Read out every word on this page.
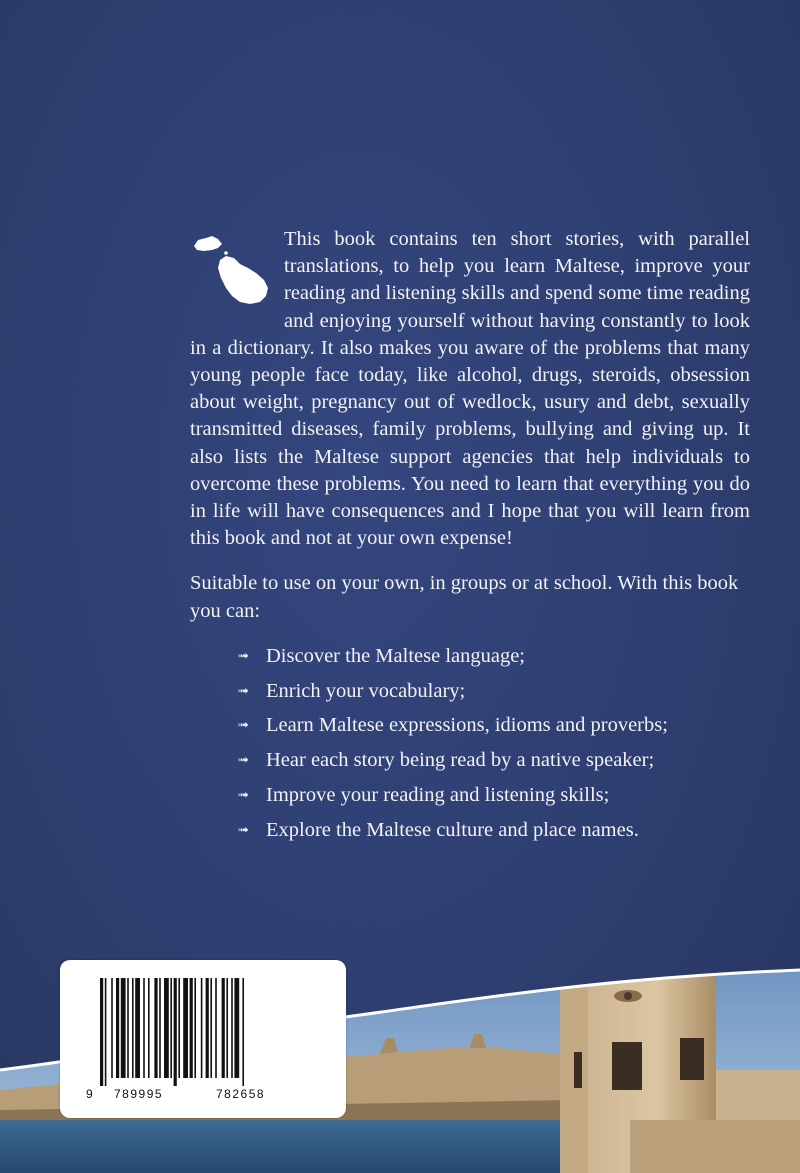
This book contains ten short stories, with parallel translations, to help you learn Maltese, improve your reading and listening skills and spend some time reading and enjoying yourself without having constantly to look in a dictionary. It also makes you aware of the problems that many young people face today, like alcohol, drugs, steroids, obsession about weight, pregnancy out of wedlock, usury and debt, sexually transmitted diseases, family problems, bullying and giving up. It also lists the Maltese support agencies that help individuals to overcome these problems. You need to learn that everything you do in life will have consequences and I hope that you will learn from this book and not at your own expense!

Suitable to use on your own, in groups or at school. With this book you can:

➟ Discover the Maltese language;
➟ Enrich your vocabulary;
➟ Learn Maltese expressions, idioms and proverbs;
➟ Hear each story being read by a native speaker;
➟ Improve your reading and listening skills;
➟ Explore the Maltese culture and place names.
9 789995	782658
